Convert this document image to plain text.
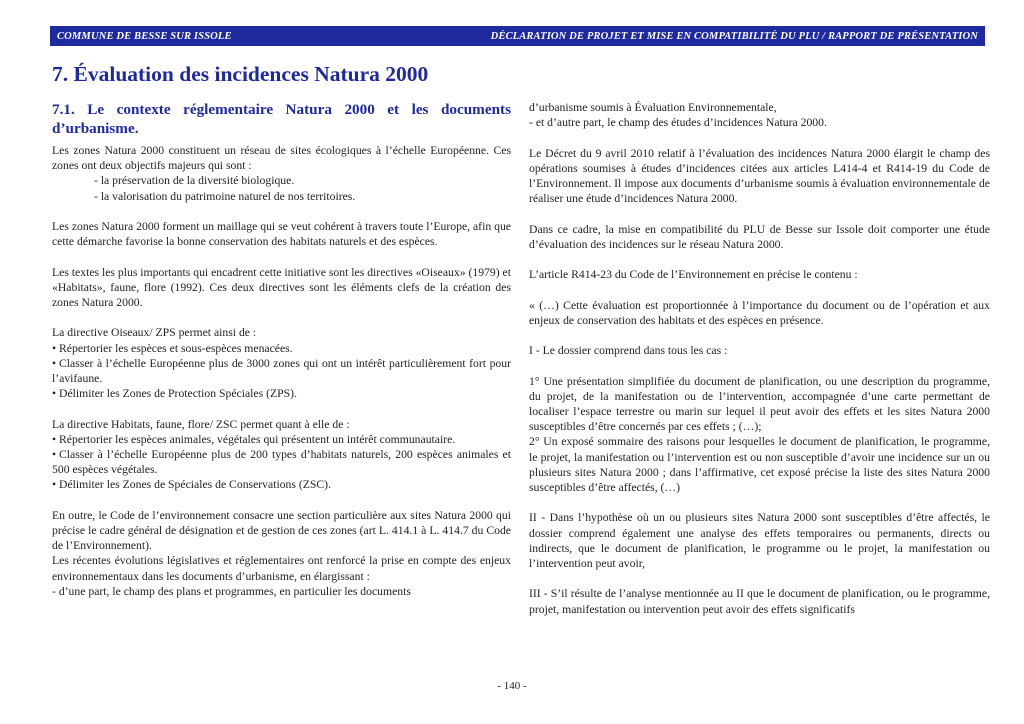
COMMUNE DE BESSE SUR ISSOLE	DÉCLARATION DE PROJET ET MISE EN COMPATIBILITÉ DU PLU / RAPPORT DE PRÉSENTATION
7. Évaluation des incidences Natura 2000
7.1. Le contexte réglementaire Natura 2000 et les documents d’urbanisme.

Les zones Natura 2000 constituent un réseau de sites écologiques à l’échelle Européenne. Ces zones ont deux objectifs majeurs qui sont :

- la préservation de la diversité biologique.

- la valorisation du patrimoine naturel de nos territoires.

Les zones Natura 2000 forment un maillage qui se veut cohérent à travers toute l’Europe, afin que cette démarche favorise la bonne conservation des habitats naturels et des espèces.

Les textes les plus importants qui encadrent cette initiative sont les directives «Oiseaux» (1979) et «Habitats», faune, flore (1992). Ces deux directives sont les éléments clefs de la création des zones Natura 2000.

La directive Oiseaux/ ZPS permet ainsi de :

• Répertorier les espèces et sous-espèces menacées.

• Classer à l’échelle Européenne plus de 3000 zones qui ont un intérêt particulièrement fort pour l’avifaune.

• Délimiter les Zones de Protection Spéciales (ZPS).

La directive Habitats, faune, flore/ ZSC permet quant à elle de :

• Répertorier les espèces animales, végétales qui présentent un intérêt communautaire.

• Classer à l’échelle Européenne plus de 200 types d’habitats naturels, 200 espèces animales et 500 espèces végétales.

• Délimiter les Zones de Spéciales de Conservations (ZSC).

En outre, le Code de l’environnement consacre une section particulière aux sites Natura 2000 qui précise le cadre général de désignation et de gestion de ces zones (art L. 414.1 à L. 414.7 du Code de l’Environnement).

Les récentes évolutions législatives et réglementaires ont renforcé la prise en compte des enjeux environnementaux dans les documents d’urbanisme, en élargissant :

- d’une part, le champ des plans et programmes, en particulier les documents

d’urbanisme soumis à Évaluation Environnementale,

- et d’autre part, le champ des études d’incidences Natura 2000.

Le Décret du 9 avril 2010 relatif à l’évaluation des incidences Natura 2000 élargit le champ des opérations soumises à études d’incidences citées aux articles L414-4 et R414-19 du Code de l’Environnement. Il impose aux documents d’urbanisme soumis à évaluation environnementale de réaliser une étude d’incidences Natura 2000.

Dans ce cadre, la mise en compatibilité du PLU de Besse sur Issole doit comporter une étude d’évaluation des incidences sur le réseau Natura 2000.

L’article R414-23 du Code de l’Environnement en précise le contenu :

« (…) Cette évaluation est proportionnée à l’importance du document ou de l’opération et aux enjeux de conservation des habitats et des espèces en présence.

I - Le dossier comprend dans tous les cas :

1° Une présentation simplifiée du document de planification, ou une description du programme, du projet, de la manifestation ou de l’intervention, accompagnée d’une carte permettant de localiser l’espace terrestre ou marin sur lequel il peut avoir des effets et les sites Natura 2000 susceptibles d’être concernés par ces effets ; (…);

2° Un exposé sommaire des raisons pour lesquelles le document de planification, le programme, le projet, la manifestation ou l’intervention est ou non susceptible d’avoir une incidence sur un ou plusieurs sites Natura 2000 ; dans l’affirmative, cet exposé précise la liste des sites Natura 2000 susceptibles d’être affectés, (…)

II - Dans l’hypothèse où un ou plusieurs sites Natura 2000 sont susceptibles d’être affectés, le dossier comprend également une analyse des effets temporaires ou permanents, directs ou indirects, que le document de planification, le programme ou le projet, la manifestation ou l’intervention peut avoir,

III - S’il résulte de l’analyse mentionnée au II que le document de planification, ou le programme, projet, manifestation ou intervention peut avoir des effets significatifs

- 140 -
